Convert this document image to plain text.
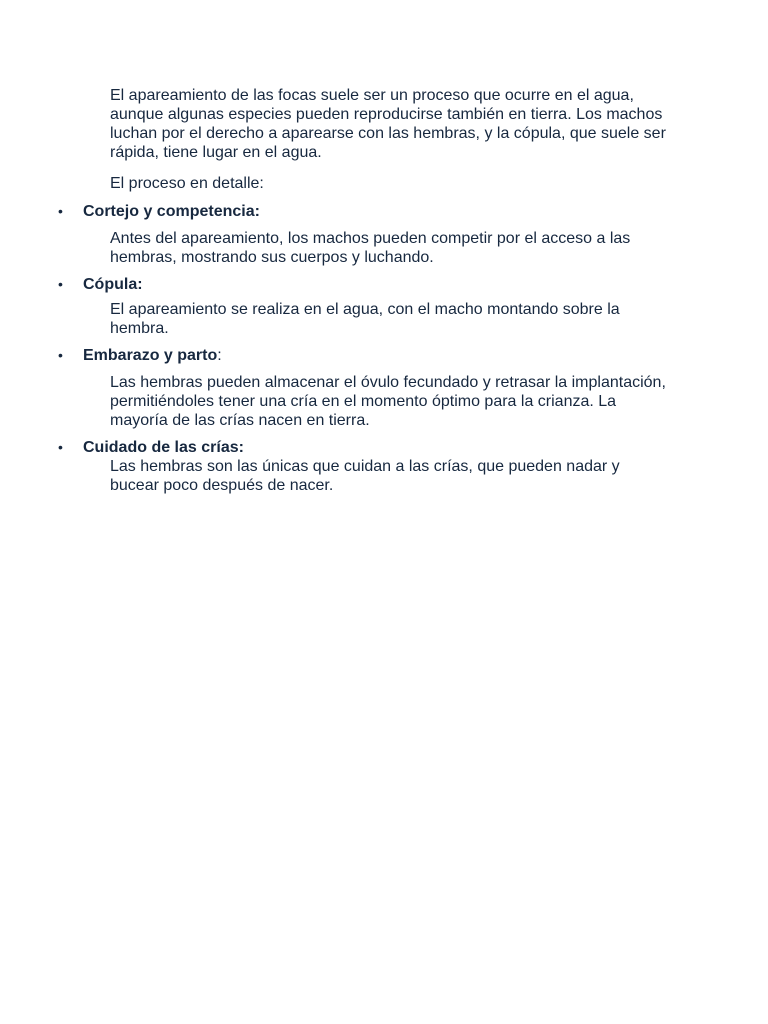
El apareamiento de las focas suele ser un proceso que ocurre en el agua, aunque algunas especies pueden reproducirse también en tierra. Los machos luchan por el derecho a aparearse con las hembras, y la cópula, que suele ser rápida, tiene lugar en el agua.

El proceso en detalle:

• Cortejo y competencia:
Antes del apareamiento, los machos pueden competir por el acceso a las hembras, mostrando sus cuerpos y luchando.
• Cópula:
El apareamiento se realiza en el agua, con el macho montando sobre la hembra.
• Embarazo y parto:
Las hembras pueden almacenar el óvulo fecundado y retrasar la implantación, permitiéndoles tener una cría en el momento óptimo para la crianza. La mayoría de las crías nacen en tierra.
• Cuidado de las crías:
Las hembras son las únicas que cuidan a las crías, que pueden nadar y bucear poco después de nacer.
